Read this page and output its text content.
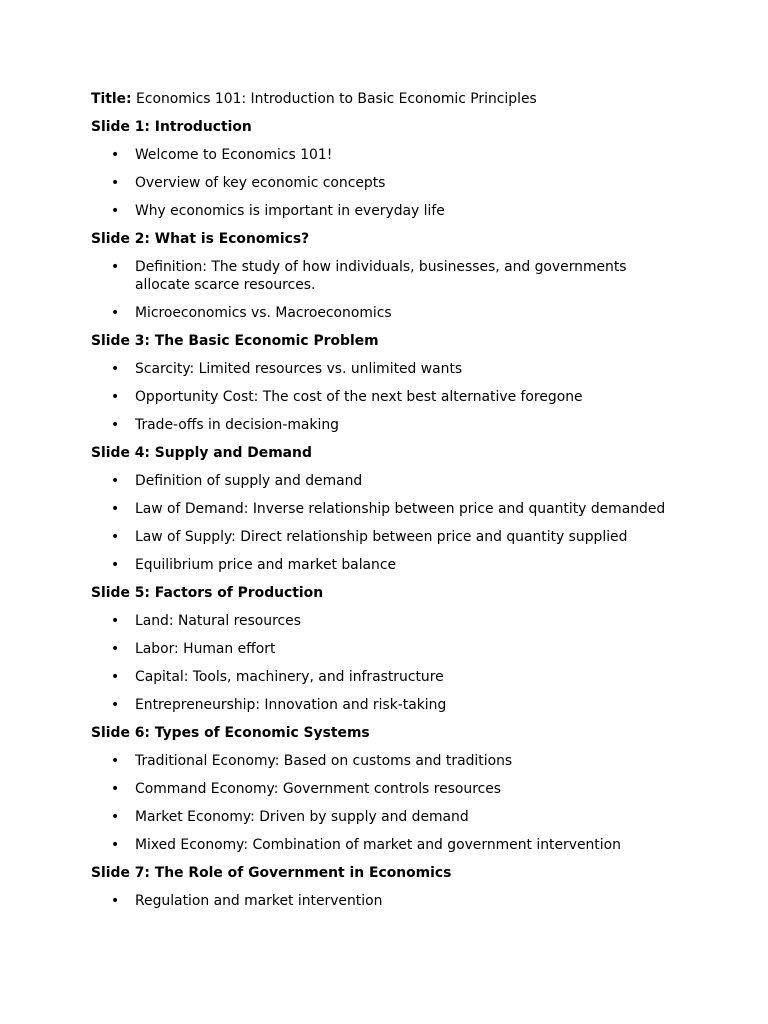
Title: Economics 101: Introduction to Basic Economic Principles

Slide 1: Introduction

• Welcome to Economics 101!
• Overview of key economic concepts
• Why economics is important in everyday life

Slide 2: What is Economics?

• Definition: The study of how individuals, businesses, and governments allocate scarce resources.
• Microeconomics vs. Macroeconomics

Slide 3: The Basic Economic Problem

• Scarcity: Limited resources vs. unlimited wants
• Opportunity Cost: The cost of the next best alternative foregone
• Trade-offs in decision-making

Slide 4: Supply and Demand

• Definition of supply and demand
• Law of Demand: Inverse relationship between price and quantity demanded
• Law of Supply: Direct relationship between price and quantity supplied
• Equilibrium price and market balance

Slide 5: Factors of Production

• Land: Natural resources
• Labor: Human effort
• Capital: Tools, machinery, and infrastructure
• Entrepreneurship: Innovation and risk-taking

Slide 6: Types of Economic Systems

• Traditional Economy: Based on customs and traditions
• Command Economy: Government controls resources
• Market Economy: Driven by supply and demand
• Mixed Economy: Combination of market and government intervention

Slide 7: The Role of Government in Economics

• Regulation and market intervention
